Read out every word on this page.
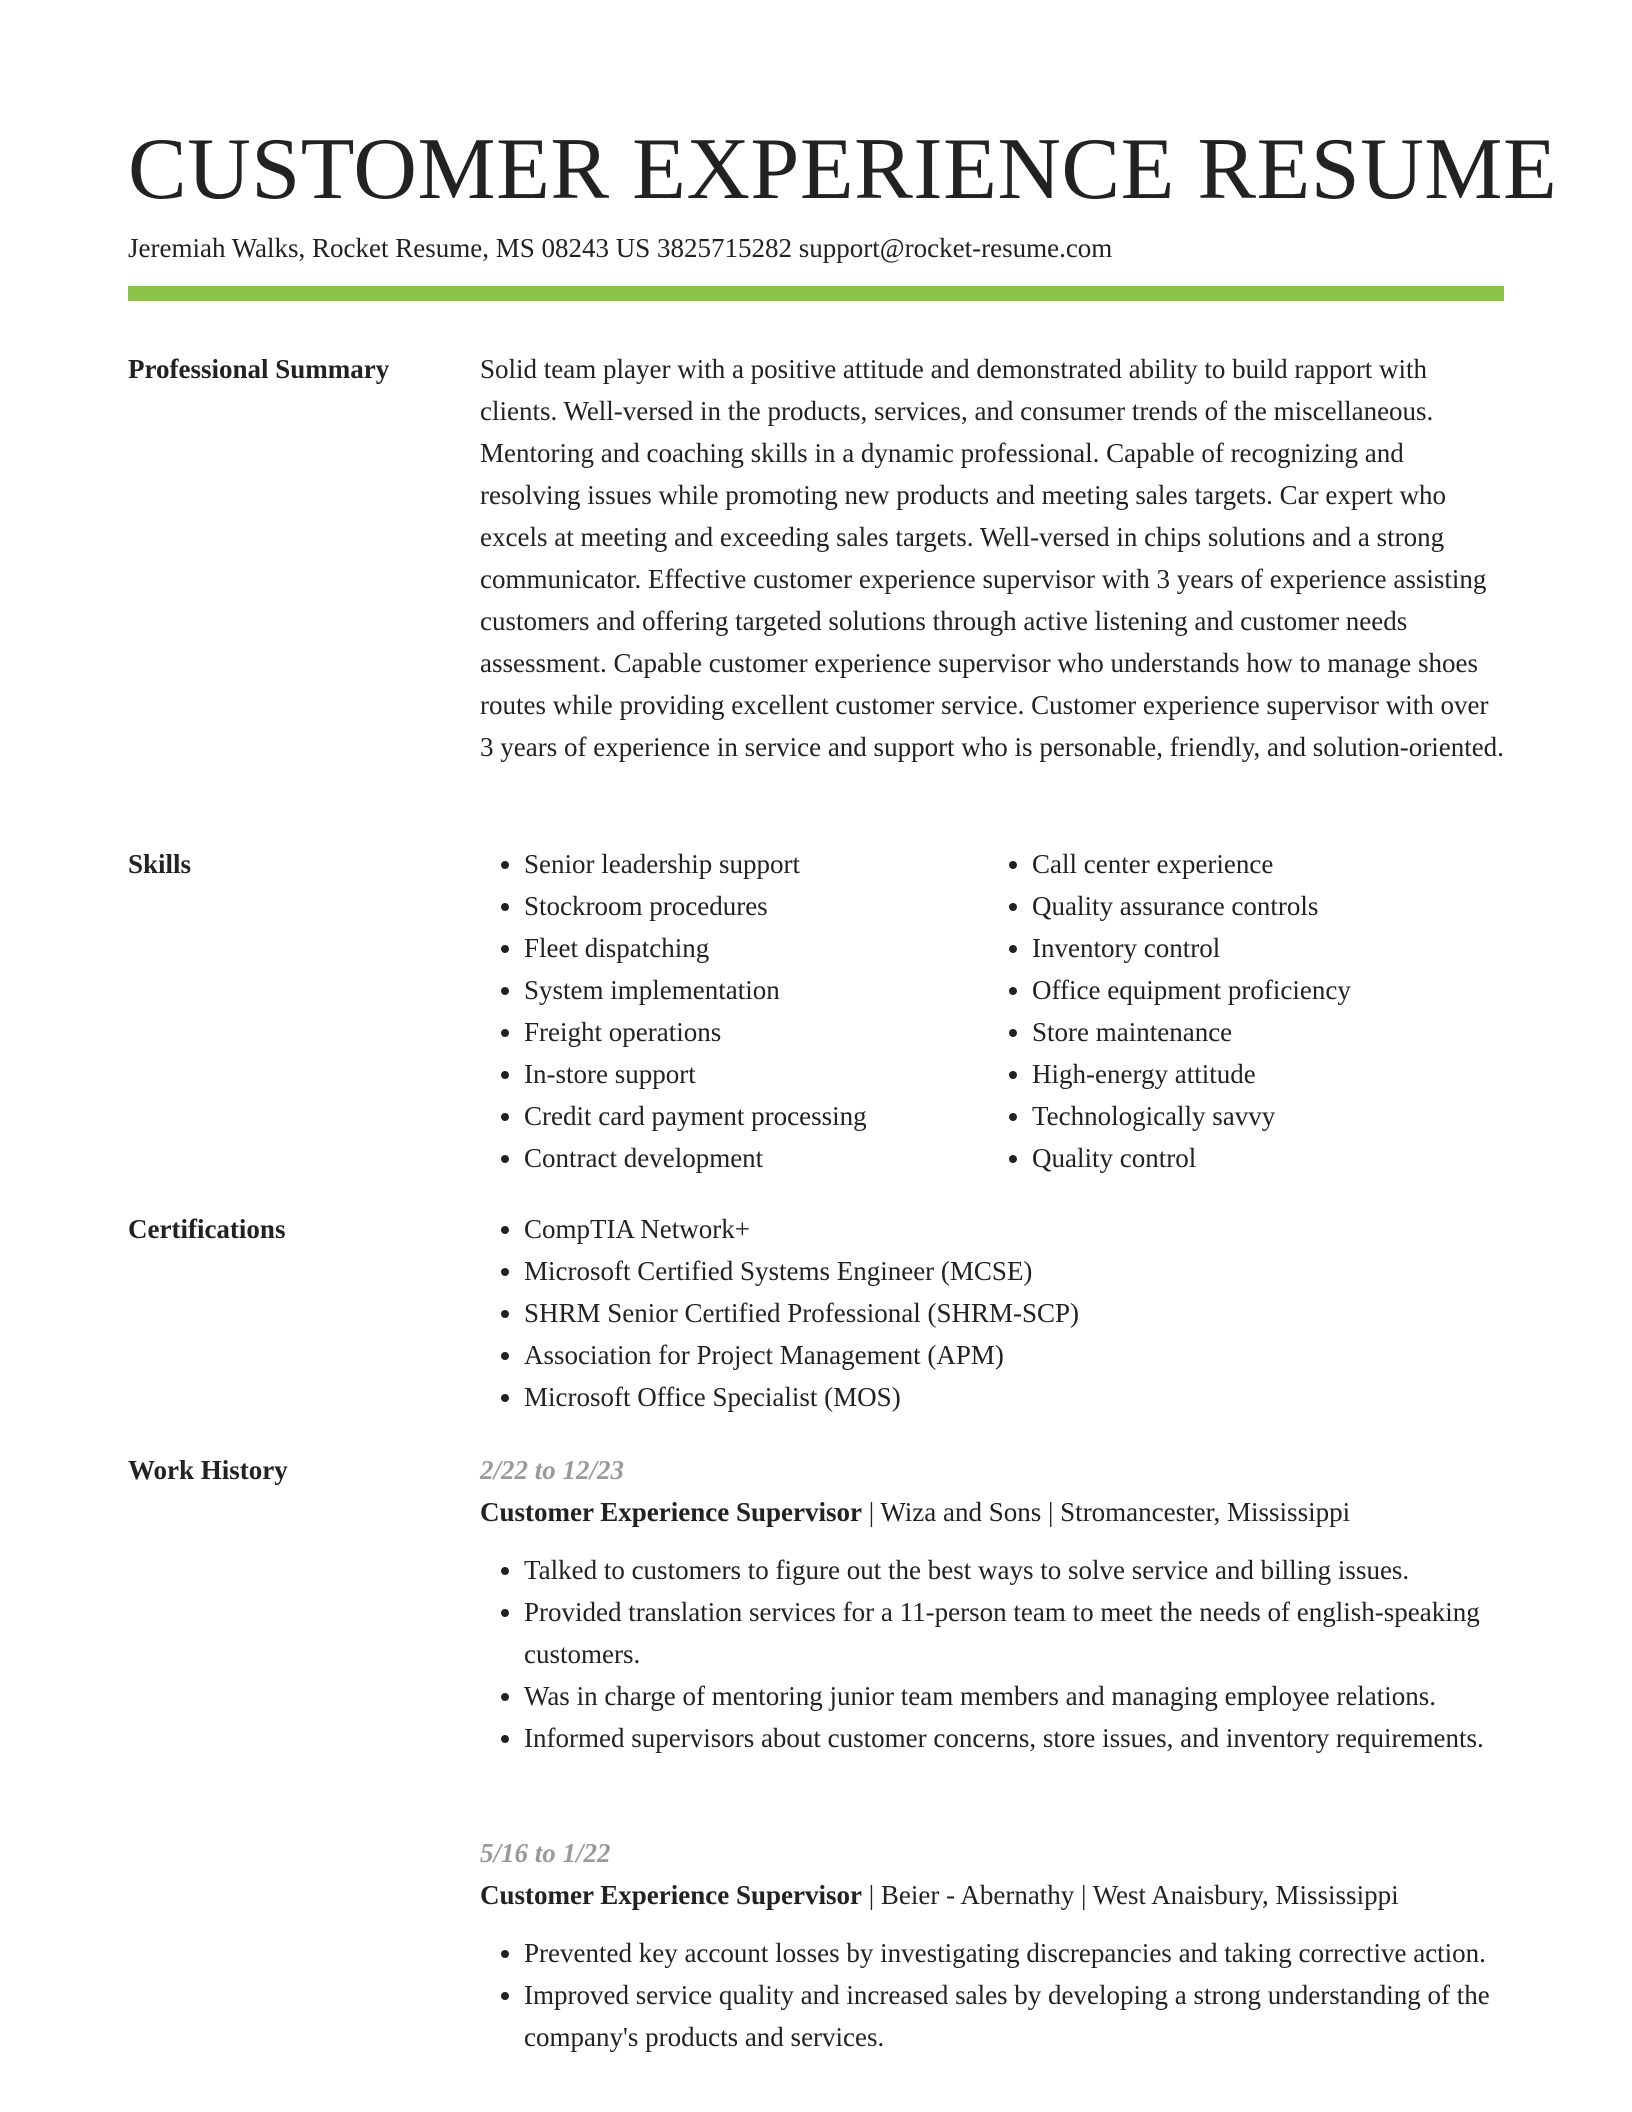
CUSTOMER EXPERIENCE RESUME

Jeremiah Walks, Rocket Resume, MS 08243 US 3825715282 support@rocket-resume.com

Professional Summary	Solid team player with a positive attitude and demonstrated ability to build rapport with clients. Well-versed in the products, services, and consumer trends of the miscellaneous. Mentoring and coaching skills in a dynamic professional. Capable of recognizing and resolving issues while promoting new products and meeting sales targets. Car expert who excels at meeting and exceeding sales targets. Well-versed in chips solutions and a strong communicator. Effective customer experience supervisor with 3 years of experience assisting customers and offering targeted solutions through active listening and customer needs assessment. Capable customer experience supervisor who understands how to manage shoes routes while providing excellent customer service. Customer experience supervisor with over 3 years of experience in service and support who is personable, friendly, and solution-oriented.

Skills	• Senior leadership support
• Stockroom procedures
• Fleet dispatching
• System implementation
• Freight operations
• In-store support
• Credit card payment processing
• Contract development
• Call center experience
• Quality assurance controls
• Inventory control
• Office equipment proficiency
• Store maintenance
• High-energy attitude
• Technologically savvy
• Quality control
Certifications	• CompTIA Network+
• Microsoft Certified Systems Engineer (MCSE)
• SHRM Senior Certified Professional (SHRM-SCP)
• Association for Project Management (APM)
• Microsoft Office Specialist (MOS)
Work History	2/22 to 12/23

Customer Experience Supervisor | Wiza and Sons | Stromancester, Mississippi

• Talked to customers to figure out the best ways to solve service and billing issues.
• Provided translation services for a 11-person team to meet the needs of english-speaking customers.
• Was in charge of mentoring junior team members and managing employee relations.
• Informed supervisors about customer concerns, store issues, and inventory requirements.

5/16 to 1/22

Customer Experience Supervisor | Beier - Abernathy | West Anaisbury, Mississippi

• Prevented key account losses by investigating discrepancies and taking corrective action.
• Improved service quality and increased sales by developing a strong understanding of the company's products and services.
